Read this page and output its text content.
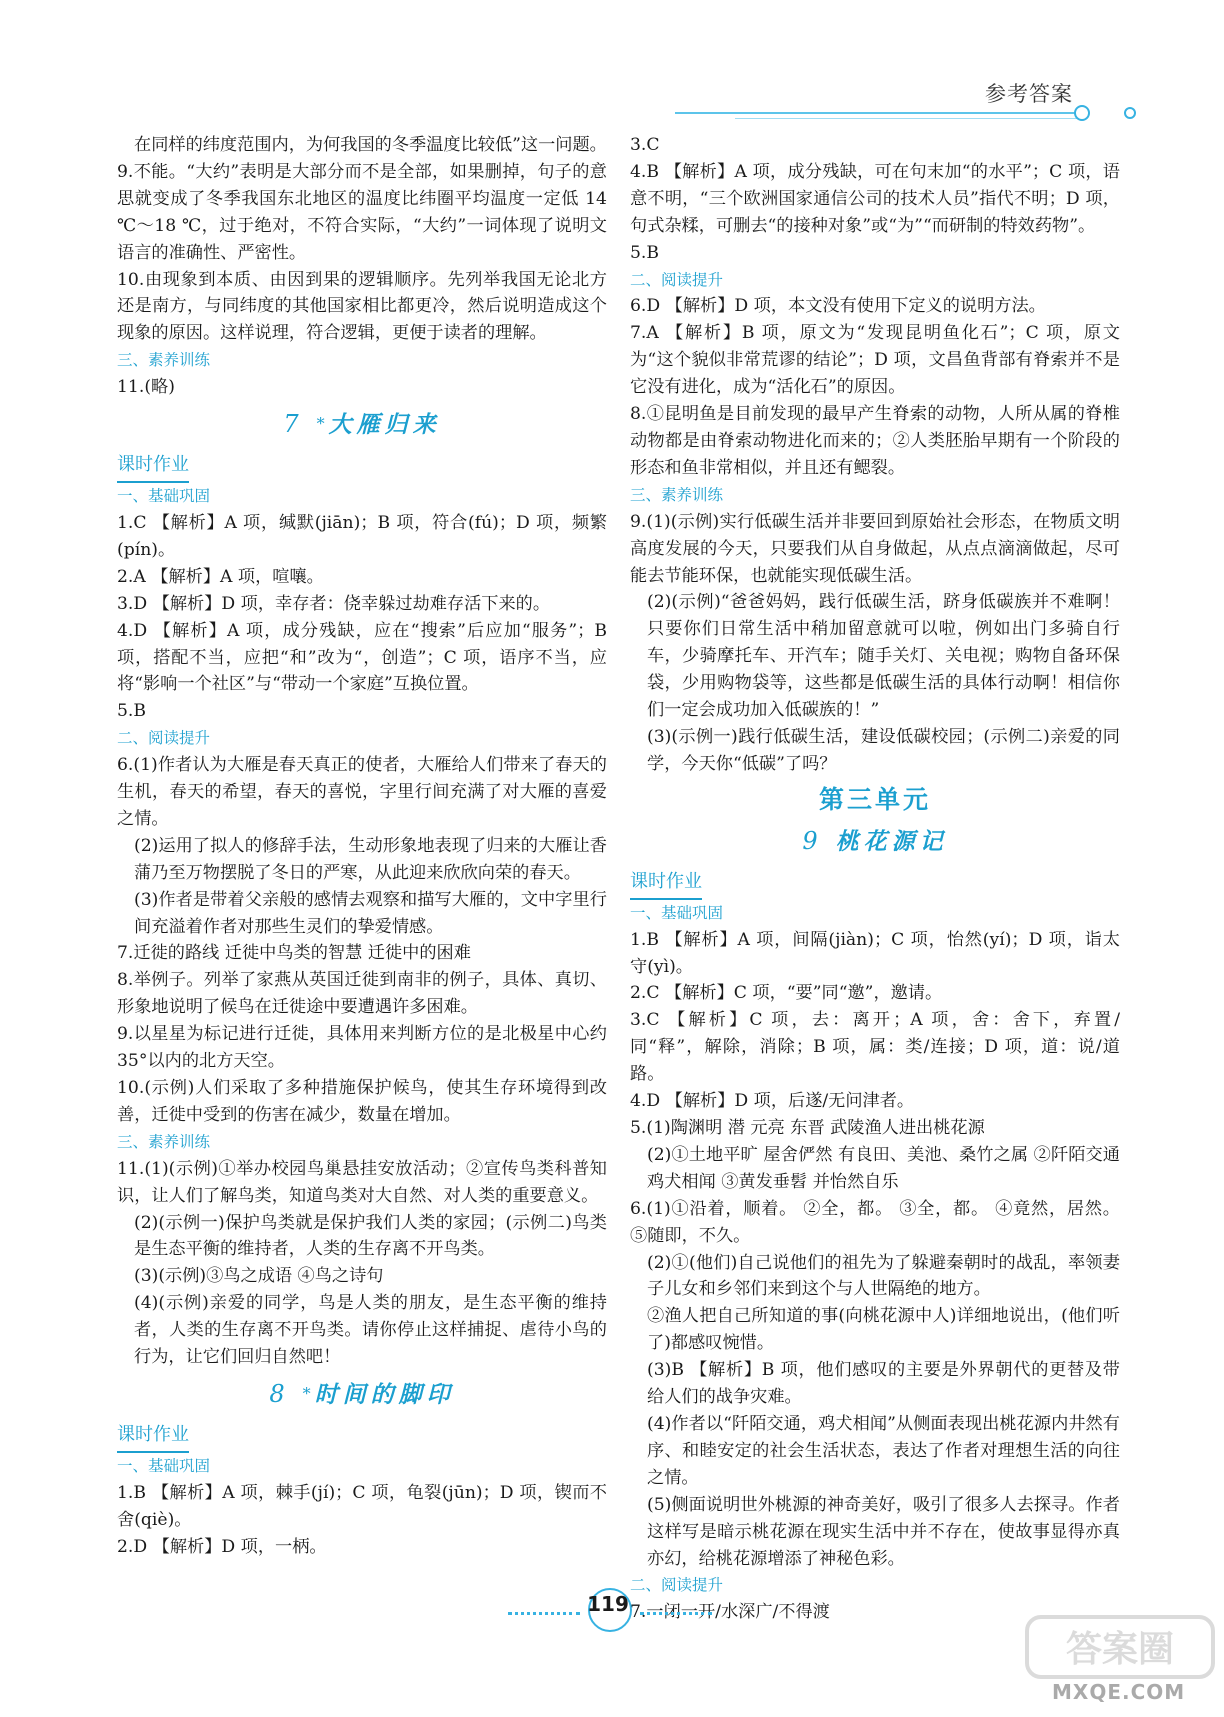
参考答案

在同样的纬度范围内，为何我国的冬季温度比较低”这一问题。

9.不能。“大约”表明是大部分而不是全部，如果删掉，句子的意思就变成了冬季我国东北地区的温度比纬圈平均温度一定低 14 ℃～18 ℃，过于绝对，不符合实际，“大约”一词体现了说明文语言的准确性、严密性。

10.由现象到本质、由因到果的逻辑顺序。先列举我国无论北方还是南方，与同纬度的其他国家相比都更冷，然后说明造成这个现象的原因。这样说理，符合逻辑，更便于读者的理解。

三、素养训练

11.(略)

7 * 大雁归来
课时作业

一、基础巩固

1.C 【解析】A 项，缄默(jiān)；B 项，符合(fú)；D 项，频繁(pín)。

2.A 【解析】A 项，喧嚷。

3.D 【解析】D 项，幸存者：侥幸躲过劫难存活下来的。

4.D 【解析】A 项，成分残缺，应在“搜索”后应加“服务”；B 项，搭配不当，应把“和”改为“，创造”；C 项，语序不当，应将“影响一个社区”与“带动一个家庭”互换位置。

5.B

二、阅读提升

6.(1)作者认为大雁是春天真正的使者，大雁给人们带来了春天的生机，春天的希望，春天的喜悦，字里行间充满了对大雁的喜爱之情。

(2)运用了拟人的修辞手法，生动形象地表现了归来的大雁让香蒲乃至万物摆脱了冬日的严寒，从此迎来欣欣向荣的春天。

(3)作者是带着父亲般的感情去观察和描写大雁的，文中字里行间充溢着作者对那些生灵们的挚爱情感。

7.迁徙的路线 迁徙中鸟类的智慧 迁徙中的困难

8.举例子。列举了家燕从英国迁徙到南非的例子，具体、真切、形象地说明了候鸟在迁徙途中要遭遇许多困难。

9.以星星为标记进行迁徙，具体用来判断方位的是北极星中心约 35°以内的北方天空。

10.(示例)人们采取了多种措施保护候鸟，使其生存环境得到改善，迁徙中受到的伤害在减少，数量在增加。

三、素养训练

11.(1)(示例)①举办校园鸟巢悬挂安放活动；②宣传鸟类科普知识，让人们了解鸟类，知道鸟类对大自然、对人类的重要意义。

(2)(示例一)保护鸟类就是保护我们人类的家园；(示例二)鸟类是生态平衡的维持者，人类的生存离不开鸟类。

(3)(示例)③鸟之成语 ④鸟之诗句

(4)(示例)亲爱的同学，鸟是人类的朋友，是生态平衡的维持者，人类的生存离不开鸟类。请你停止这样捕捉、虐待小鸟的行为，让它们回归自然吧！

8 * 时间的脚印
课时作业

一、基础巩固

1.B 【解析】A 项，棘手(jí)；C 项，龟裂(jūn)；D 项，锲而不舍(qiè)。

2.D 【解析】D 项，一柄。

3.C

4.B 【解析】A 项，成分残缺，可在句末加“的水平”；C 项，语意不明，“三个欧洲国家通信公司的技术人员”指代不明；D 项，句式杂糅，可删去“的接种对象”或“为”“而研制的特效药物”。

5.B

二、阅读提升

6.D 【解析】D 项，本文没有使用下定义的说明方法。

7.A 【解析】B 项，原文为“发现昆明鱼化石”；C 项，原文为“这个貌似非常荒谬的结论”；D 项，文昌鱼背部有脊索并不是它没有进化，成为“活化石”的原因。

8.①昆明鱼是目前发现的最早产生脊索的动物，人所从属的脊椎动物都是由脊索动物进化而来的；②人类胚胎早期有一个阶段的形态和鱼非常相似，并且还有鳃裂。

三、素养训练

9.(1)(示例)实行低碳生活并非要回到原始社会形态，在物质文明高度发展的今天，只要我们从自身做起，从点点滴滴做起，尽可能去节能环保，也就能实现低碳生活。

(2)(示例)“爸爸妈妈，践行低碳生活，跻身低碳族并不难啊！只要你们日常生活中稍加留意就可以啦，例如出门多骑自行车，少骑摩托车、开汽车；随手关灯、关电视；购物自备环保袋，少用购物袋等，这些都是低碳生活的具体行动啊！相信你们一定会成功加入低碳族的！”

(3)(示例一)践行低碳生活，建设低碳校园；(示例二)亲爱的同学，今天你“低碳”了吗？

第三单元
9 桃花源记
课时作业

一、基础巩固

1.B 【解析】A 项，间隔(jiàn)；C 项，怡然(yí)；D 项，诣太守(yì)。

2.C 【解析】C 项，“要”同“邀”，邀请。

3.C 【解析】C 项，去：离开；A 项，舍：舍下，弃置/同“释”，解除，消除；B 项，属：类/连接；D 项，道：说/道路。

4.D 【解析】D 项，后遂/无问津者。

5.(1)陶渊明 潜 元亮 东晋 武陵渔人进出桃花源

(2)①土地平旷 屋舍俨然 有良田、美池、桑竹之属 ②阡陌交通 鸡犬相闻 ③黄发垂髫 并怡然自乐

6.(1)①沿着，顺着。 ②全，都。 ③全，都。 ④竟然，居然。 ⑤随即，不久。

(2)①(他们)自己说他们的祖先为了躲避秦朝时的战乱，率领妻子儿女和乡邻们来到这个与人世隔绝的地方。

②渔人把自己所知道的事(向桃花源中人)详细地说出，(他们听了)都感叹惋惜。

(3)B 【解析】B 项，他们感叹的主要是外界朝代的更替及带给人们的战争灾难。

(4)作者以“阡陌交通，鸡犬相闻”从侧面表现出桃花源内井然有序、和睦安定的社会生活状态，表达了作者对理想生活的向往之情。

(5)侧面说明世外桃源的神奇美好，吸引了很多人去探寻。作者这样写是暗示桃花源在现实生活中并不存在，使故事显得亦真亦幻，给桃花源增添了神秘色彩。

二、阅读提升

7.一闭一开/水深广/不得渡

119
答案圈
MXQE.COM
